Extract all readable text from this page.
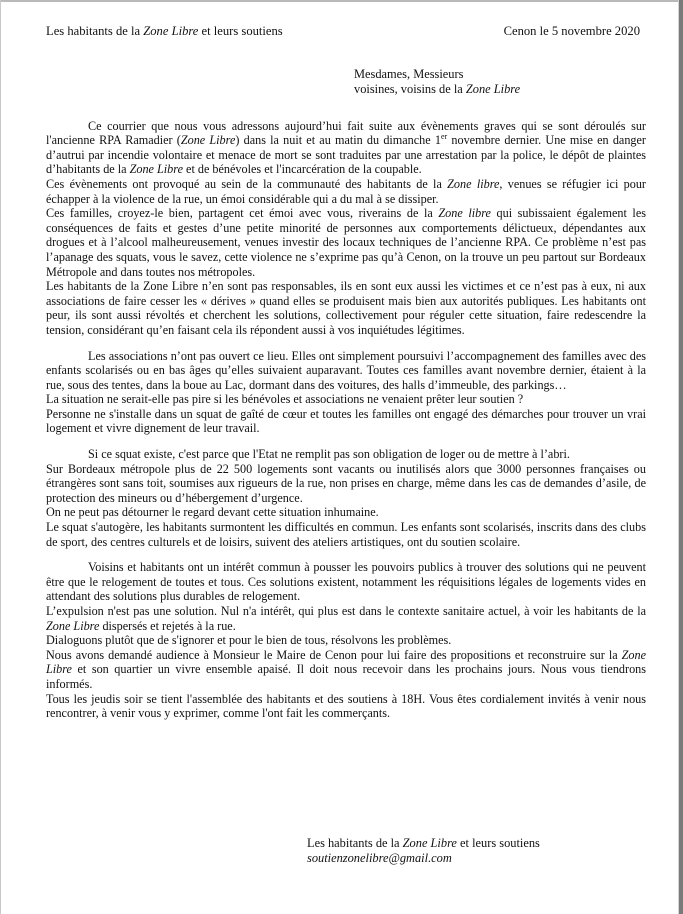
Les habitants de la Zone Libre et leurs soutiens	Cenon le 5 novembre 2020
Mesdames, Messieurs
voisines, voisins de la Zone Libre

Ce courrier que nous vous adressons aujourd’hui fait suite aux évènements graves qui se sont déroulés sur l'ancienne RPA Ramadier (Zone Libre) dans la nuit et au matin du dimanche 1er novembre dernier. Une mise en danger d’autrui par incendie volontaire et menace de mort se sont traduites par une arrestation par la police, le dépôt de plaintes d’habitants de la Zone Libre et de bénévoles et l'incarcération de la coupable.

Ces évènements ont provoqué au sein de la communauté des habitants de la Zone libre, venues se réfugier ici pour échapper à la violence de la rue, un émoi considérable qui a du mal à se dissiper.

Ces familles, croyez-le bien, partagent cet émoi avec vous, riverains de la Zone libre qui subissaient également les conséquences de faits et gestes d’une petite minorité de personnes aux comportements délictueux, dépendantes aux drogues et à l’alcool malheureusement, venues investir des locaux techniques de l’ancienne RPA. Ce problème n’est pas l’apanage des squats, vous le savez, cette violence ne s’exprime pas qu’à Cenon, on la trouve un peu partout sur Bordeaux Métropole and dans toutes nos métropoles.

Les habitants de la Zone Libre n’en sont pas responsables, ils en sont eux aussi les victimes et ce n’est pas à eux, ni aux associations de faire cesser les « dérives » quand elles se produisent mais bien aux autorités publiques. Les habitants ont peur, ils sont aussi révoltés et cherchent les solutions, collectivement pour réguler cette situation, faire redescendre la tension, considérant qu’en faisant cela ils répondent aussi à vos inquiétudes légitimes.

Les associations n’ont pas ouvert ce lieu. Elles ont simplement poursuivi l’accompagnement des familles avec des enfants scolarisés ou en bas âges qu’elles suivaient auparavant. Toutes ces familles avant novembre dernier, étaient à la rue, sous des tentes, dans la boue au Lac, dormant dans des voitures, des halls d’immeuble, des parkings…

La situation ne serait-elle pas pire si les bénévoles et associations ne venaient prêter leur soutien ?

Personne ne s'installe dans un squat de gaîté de cœur et toutes les familles ont engagé des démarches pour trouver un vrai logement et vivre dignement de leur travail.

Si ce squat existe, c'est parce que l'Etat ne remplit pas son obligation de loger ou de mettre à l’abri.

Sur Bordeaux métropole plus de 22 500 logements sont vacants ou inutilisés alors que 3000 personnes françaises ou étrangères sont sans toit, soumises aux rigueurs de la rue, non prises en charge, même dans les cas de demandes d’asile, de protection des mineurs ou d’hébergement d’urgence.

On ne peut pas détourner le regard devant cette situation inhumaine.

Le squat s'autogère, les habitants surmontent les difficultés en commun. Les enfants sont scolarisés, inscrits dans des clubs de sport, des centres culturels et de loisirs, suivent des ateliers artistiques, ont du soutien scolaire.

Voisins et habitants ont un intérêt commun à pousser les pouvoirs publics à trouver des solutions qui ne peuvent être que le relogement de toutes et tous. Ces solutions existent, notamment les réquisitions légales de logements vides en attendant des solutions plus durables de relogement.

L’expulsion n'est pas une solution. Nul n'a intérêt, qui plus est dans le contexte sanitaire actuel, à voir les habitants de la Zone Libre dispersés et rejetés à la rue.

Dialoguons plutôt que de s'ignorer et pour le bien de tous, résolvons les problèmes.

Nous avons demandé audience à Monsieur le Maire de Cenon pour lui faire des propositions et reconstruire sur la Zone Libre et son quartier un vivre ensemble apaisé. Il doit nous recevoir dans les prochains jours. Nous vous tiendrons informés.

Tous les jeudis soir se tient l'assemblée des habitants et des soutiens à 18H. Vous êtes cordialement invités à venir nous rencontrer, à venir vous y exprimer, comme l'ont fait les commerçants.

Les habitants de la Zone Libre et leurs soutiens
soutienzonelibre@gmail.com
